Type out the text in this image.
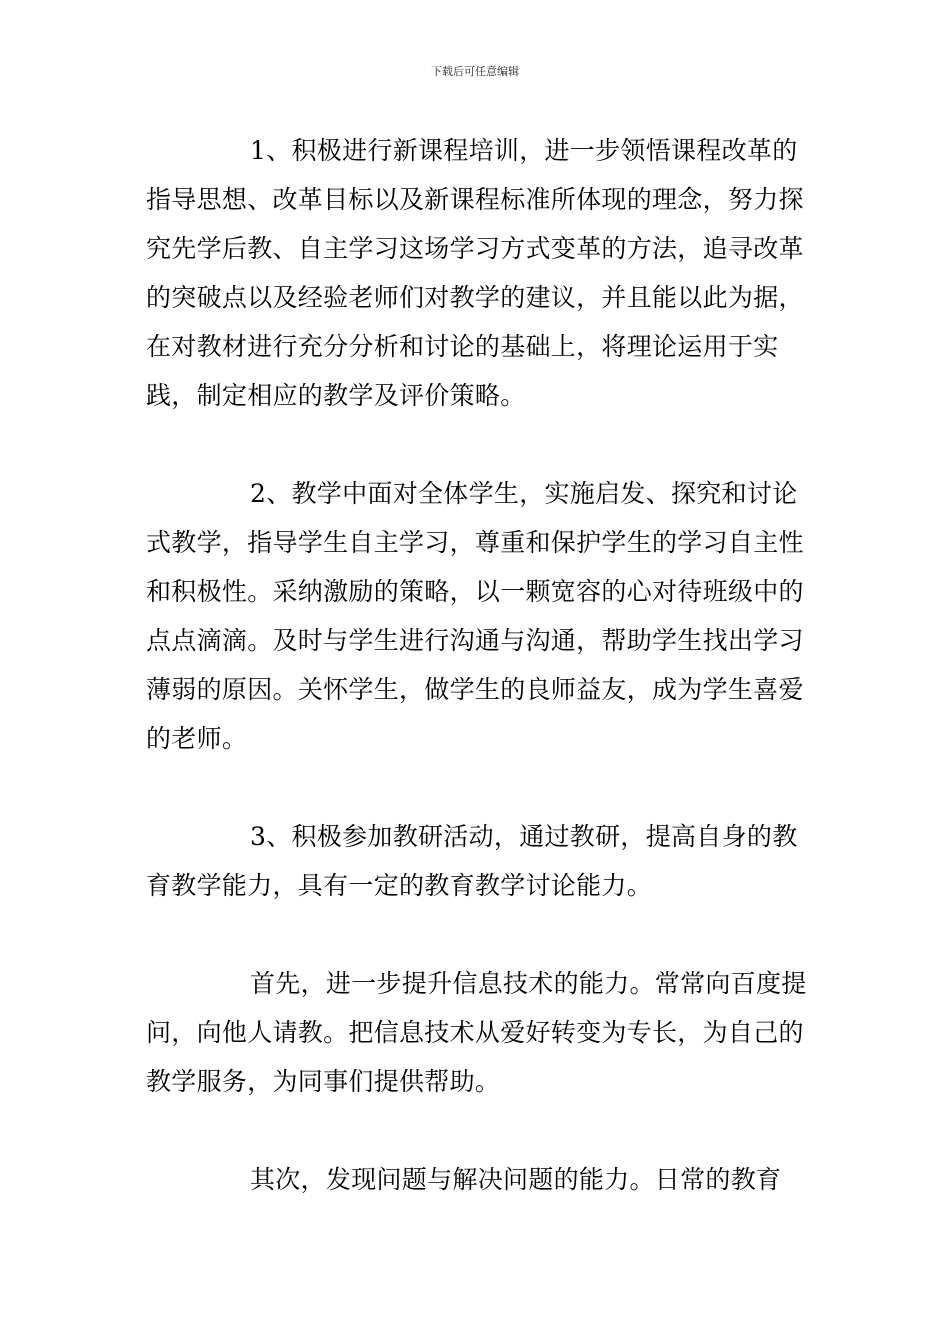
下载后可任意编辑

1、积极进行新课程培训，进一步领悟课程改革的指导思想、改革目标以及新课程标准所体现的理念，努力探究先学后教、自主学习这场学习方式变革的方法，追寻改革的突破点以及经验老师们对教学的建议，并且能以此为据，在对教材进行充分分析和讨论的基础上，将理论运用于实践，制定相应的教学及评价策略。

2、教学中面对全体学生，实施启发、探究和讨论式教学，指导学生自主学习，尊重和保护学生的学习自主性和积极性。采纳激励的策略，以一颗宽容的心对待班级中的点点滴滴。及时与学生进行沟通与沟通，帮助学生找出学习薄弱的原因。关怀学生，做学生的良师益友，成为学生喜爱的老师。

3、积极参加教研活动，通过教研，提高自身的教育教学能力，具有一定的教育教学讨论能力。

首先，进一步提升信息技术的能力。常常向百度提问，向他人请教。把信息技术从爱好转变为专长，为自己的教学服务，为同事们提供帮助。

其次，发现问题与解决问题的能力。日常的教育
